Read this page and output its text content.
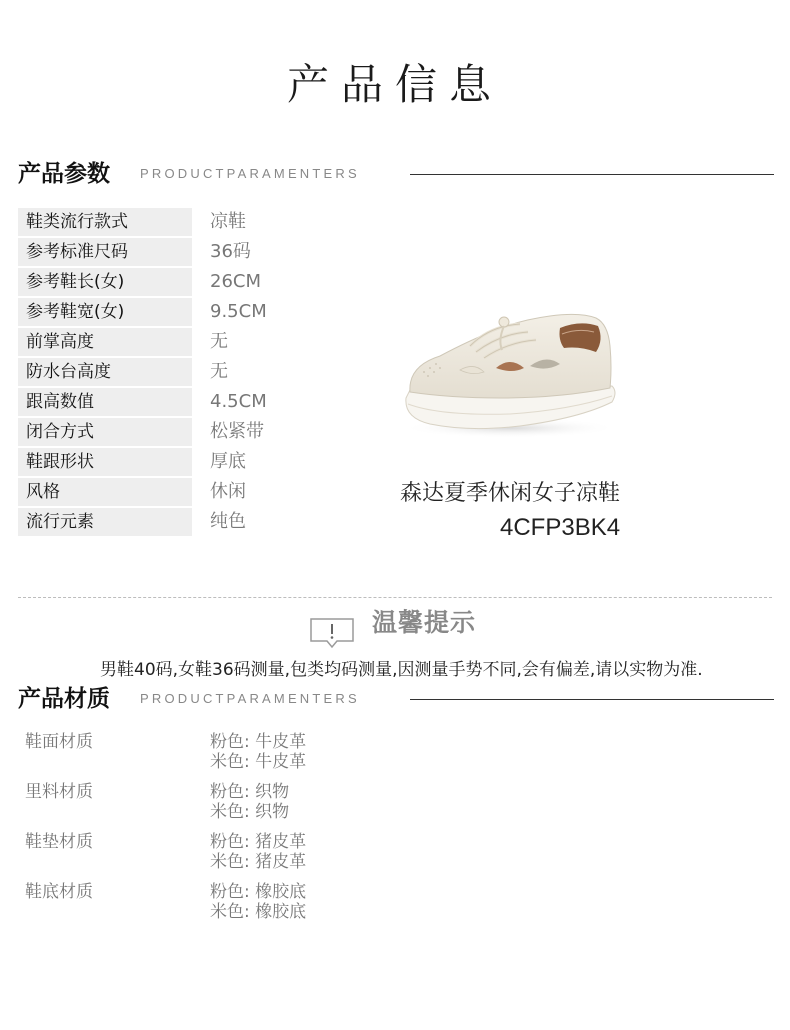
产品信息
产品参数 PRODUCTPARAMENTERS
鞋类流行款式	凉鞋
参考标准尺码	36码
参考鞋长(女)	26CM
参考鞋宽(女)	9.5CM
前掌高度	无
防水台高度	无
跟高数值	4.5CM
闭合方式	松紧带
鞋跟形状	厚底
风格	休闲
流行元素	纯色
森达夏季休闲女子凉鞋
4CFP3BK4
温馨提示
男鞋40码,女鞋36码测量,包类均码测量,因测量手势不同,会有偏差,请以实物为准.
产品材质 PRODUCTPARAMENTERS
鞋面材质	粉色: 牛皮革
米色: 牛皮革
里料材质	粉色: 织物
米色: 织物
鞋垫材质	粉色: 猪皮革
米色: 猪皮革
鞋底材质	粉色: 橡胶底
米色: 橡胶底
